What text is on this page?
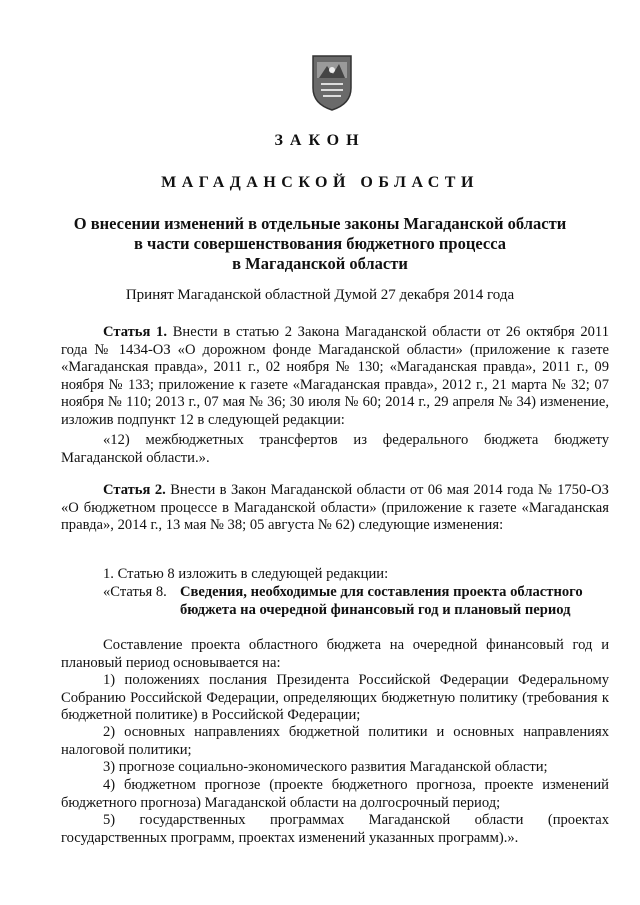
ЗАКОН
МАГАДАНСКОЙ ОБЛАСТИ
О внесении изменений в отдельные законы Магаданской области
в части совершенствования бюджетного процесса
в Магаданской области
Принят Магаданской областной Думой 27 декабря 2014 года

Статья 1. Внести в статью 2 Закона Магаданской области от 26 октября 2011 года № 1434-ОЗ «О дорожном фонде Магаданской области» (приложение к газете «Магаданская правда», 2011 г., 02 ноября № 130; «Магаданская правда», 2011 г., 09 ноября № 133; приложение к газете «Магаданская правда», 2012 г., 21 марта № 32; 07 ноября № 110; 2013 г., 07 мая № 36; 30 июля № 60; 2014 г., 29 апреля № 34) изменение, изложив подпункт 12 в следующей редакции:

«12) межбюджетных трансфертов из федерального бюджета бюджету Магаданской области.».

Статья 2. Внести в Закон Магаданской области от 06 мая 2014 года № 1750-ОЗ «О бюджетном процессе в Магаданской области» (приложение к газете «Магаданская правда», 2014 г., 13 мая № 38; 05 августа № 62) следующие изменения:

1. Статью 8 изложить в следующей редакции:

«Статья 8. Сведения, необходимые для составления проекта областного бюджета на очередной финансовый год и плановый период

Составление проекта областного бюджета на очередной финансовый год и плановый период основывается на:

1) положениях послания Президента Российской Федерации Федеральному Собранию Российской Федерации, определяющих бюджетную политику (требования к бюджетной политике) в Российской Федерации;

2) основных направлениях бюджетной политики и основных направлениях налоговой политики;

3) прогнозе социально-экономического развития Магаданской области;

4) бюджетном прогнозе (проекте бюджетного прогноза, проекте изменений бюджетного прогноза) Магаданской области на долгосрочный период;

5) государственных программах Магаданской области (проектах государственных программ, проектах изменений указанных программ).».
